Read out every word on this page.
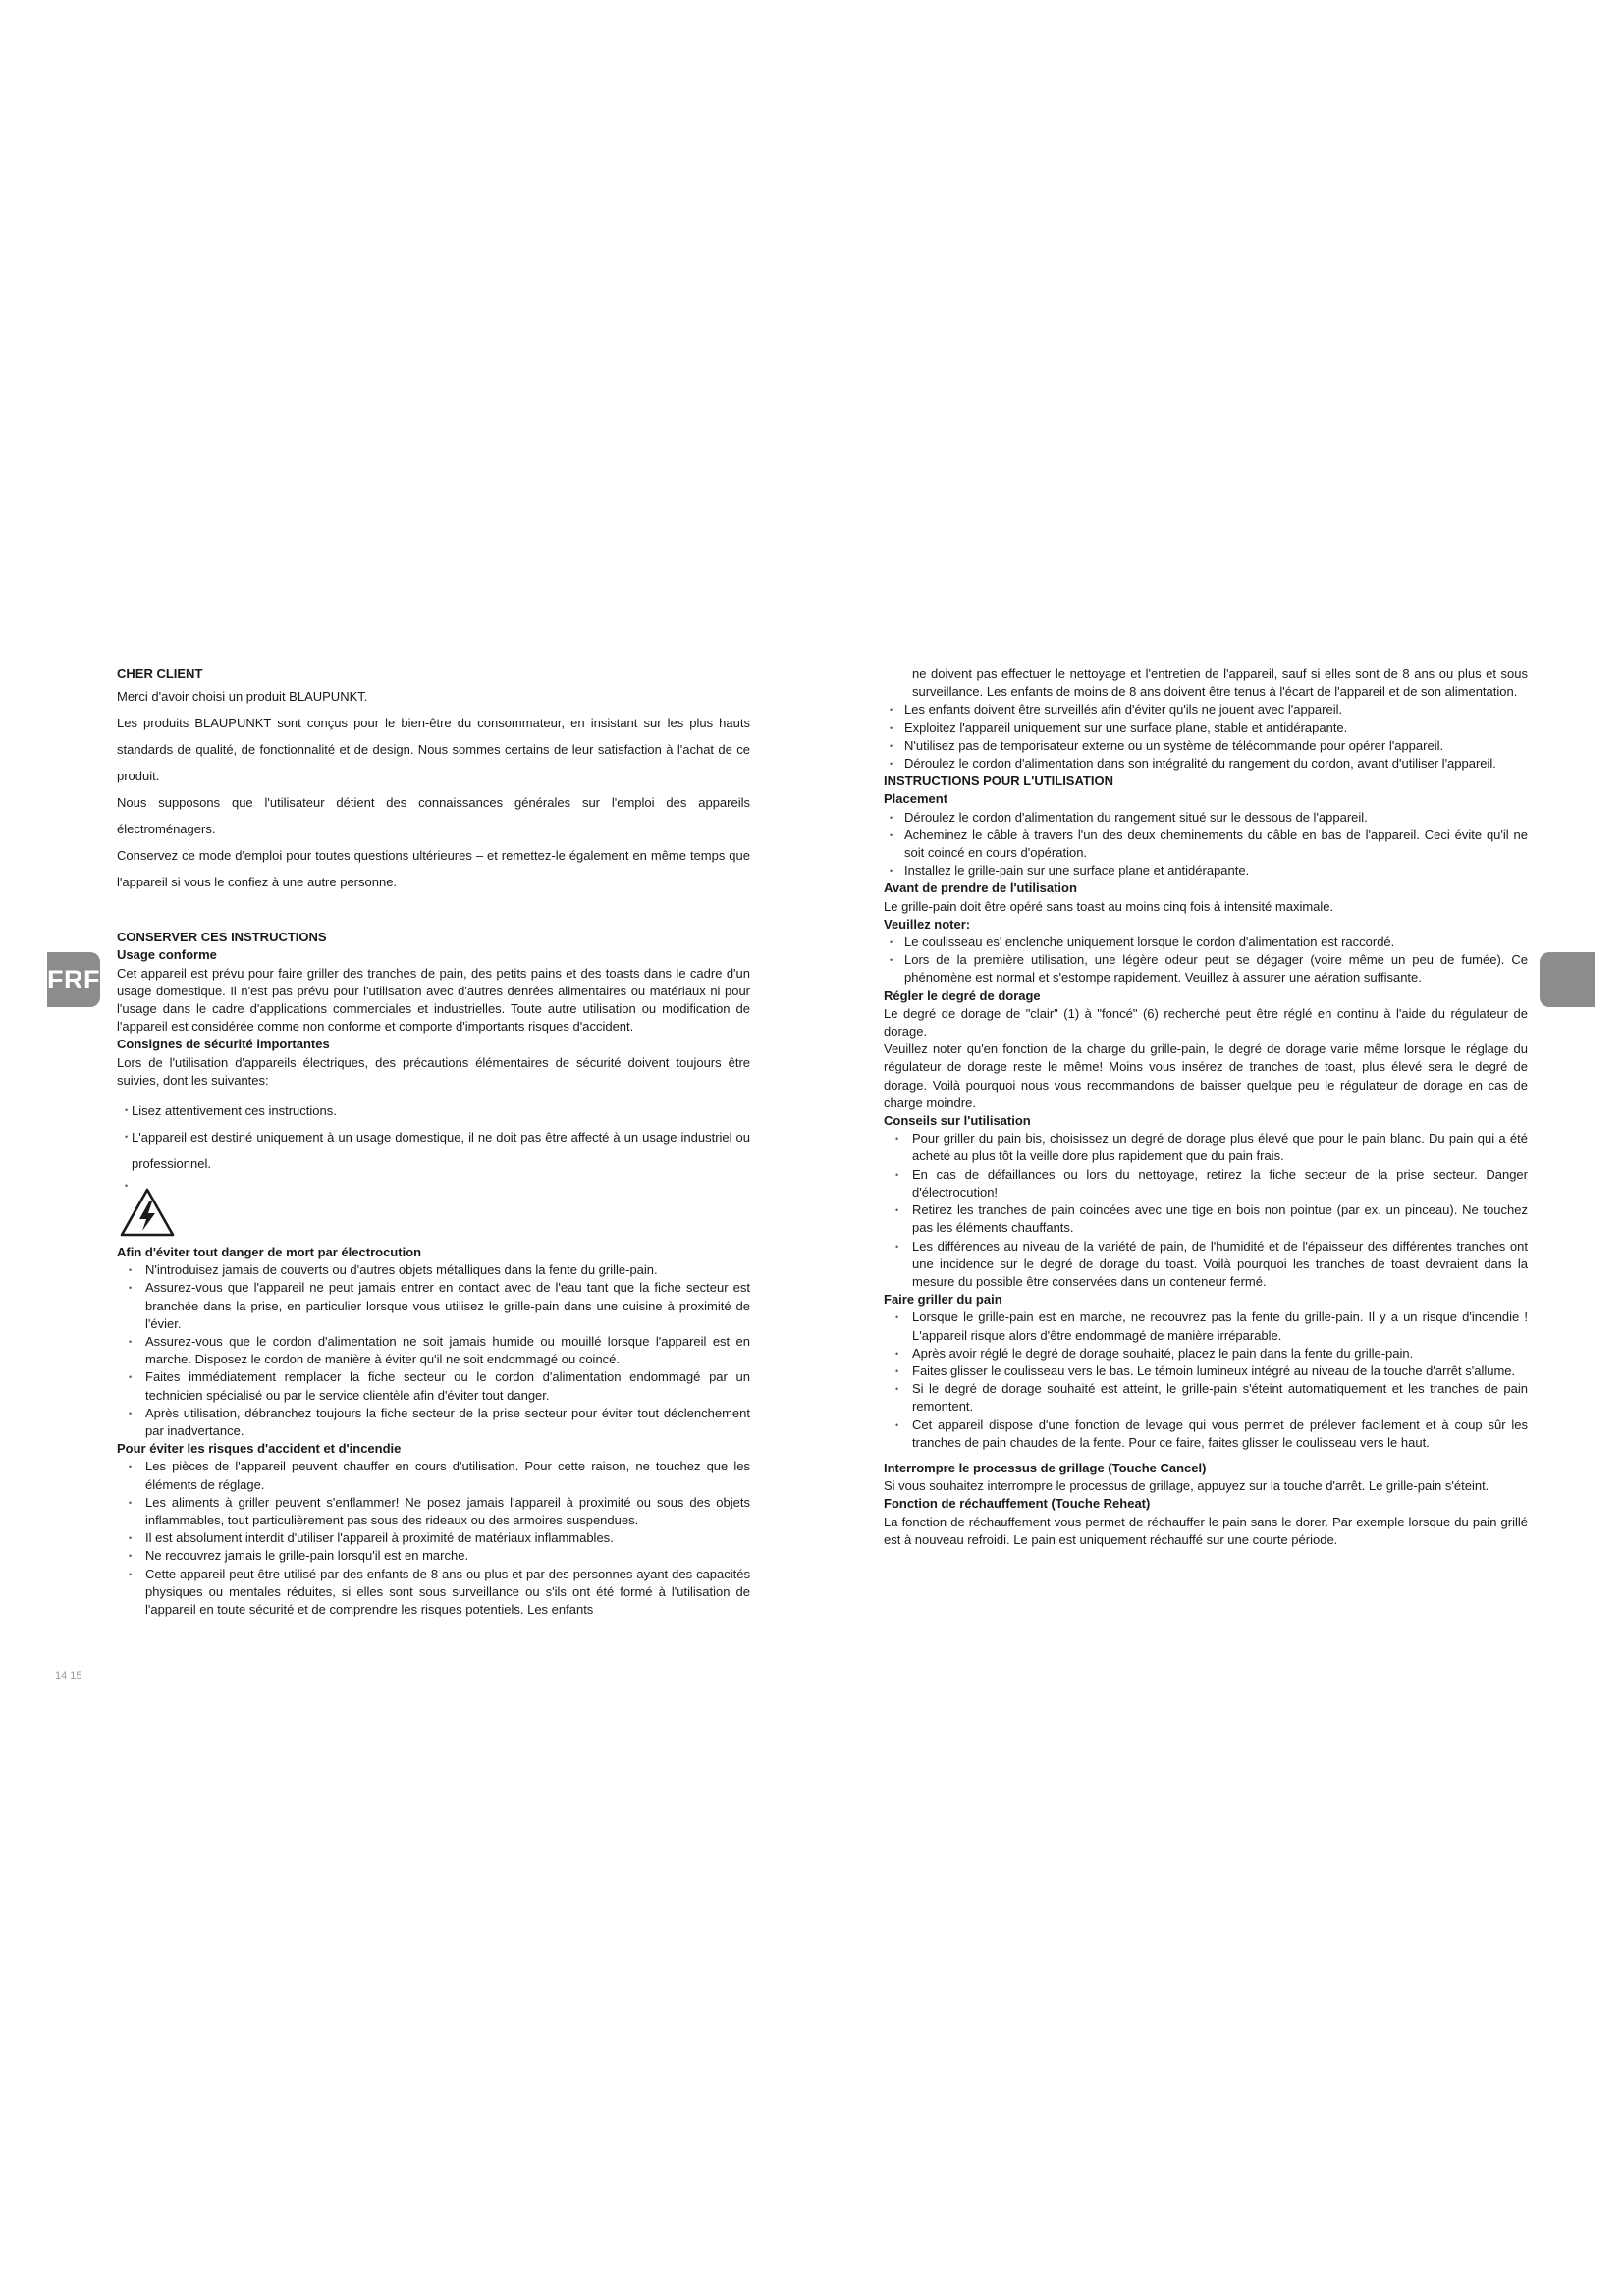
FRF

CHER CLIENT

Merci d'avoir choisi un produit BLAUPUNKT.

Les produits BLAUPUNKT sont conçus pour le bien-être du consommateur, en insistant sur les plus hauts standards de qualité, de fonctionnalité et de design. Nous sommes certains de leur satisfaction à l'achat de ce produit.

Nous supposons que l'utilisateur détient des connaissances générales sur l'emploi des appareils électroménagers.

Conservez ce mode d'emploi pour toutes questions ultérieures – et remettez-le également en même temps que l'appareil si vous le confiez à une autre personne.

CONSERVER CES INSTRUCTIONS

Usage conforme

Cet appareil est prévu pour faire griller des tranches de pain, des petits pains et des toasts dans le cadre d'un usage domestique. Il n'est pas prévu pour l'utilisation avec d'autres denrées alimentaires ou matériaux ni pour l'usage dans le cadre d'applications commerciales et industrielles. Toute autre utilisation ou modification de l'appareil est considérée comme non conforme et comporte d'importants risques d'accident.

Consignes de sécurité importantes

Lors de l'utilisation d'appareils électriques, des précautions élémentaires de sécurité doivent toujours être suivies, dont les suivantes:

• Lisez attentivement ces instructions.
• L'appareil est destiné uniquement à un usage domestique, il ne doit pas être affecté à un usage industriel ou professionnel.
•

Afin d'éviter tout danger de mort par électrocution

• N'introduisez jamais de couverts ou d'autres objets métalliques dans la fente du grille-pain.
• Assurez-vous que l'appareil ne peut jamais entrer en contact avec de l'eau tant que la fiche secteur est branchée dans la prise, en particulier lorsque vous utilisez le grille-pain dans une cuisine à proximité de l'évier.
• Assurez-vous que le cordon d'alimentation ne soit jamais humide ou mouillé lorsque l'appareil est en marche. Disposez le cordon de manière à éviter qu'il ne soit endommagé ou coincé.
• Faites immédiatement remplacer la fiche secteur ou le cordon d'alimentation endommagé par un technicien spécialisé ou par le service clientèle afin d'éviter tout danger.
• Après utilisation, débranchez toujours la fiche secteur de la prise secteur pour éviter tout déclenchement par inadvertance.

Pour éviter les risques d'accident et d'incendie

• Les pièces de l'appareil peuvent chauffer en cours d'utilisation. Pour cette raison, ne touchez que les éléments de réglage.
• Les aliments à griller peuvent s'enflammer! Ne posez jamais l'appareil à proximité ou sous des objets inflammables, tout particulièrement pas sous des rideaux ou des armoires suspendues.
• Il est absolument interdit d'utiliser l'appareil à proximité de matériaux inflammables.
• Ne recouvrez jamais le grille-pain lorsqu'il est en marche.
• Cette appareil peut être utilisé par des enfants de 8 ans ou plus et par des personnes ayant des capacités physiques ou mentales réduites, si elles sont sous surveillance ou s'ils ont été formé à l'utilisation de l'appareil en toute sécurité et de comprendre les risques potentiels. Les enfants

ne doivent pas effectuer le nettoyage et l'entretien de l'appareil, sauf si elles sont de 8 ans ou plus et sous surveillance. Les enfants de moins de 8 ans doivent être tenus à l'écart de l'appareil et de son alimentation.

• Les enfants doivent être surveillés afin d'éviter qu'ils ne jouent avec l'appareil.
• Exploitez l'appareil uniquement sur une surface plane, stable et antidérapante.
• N'utilisez pas de temporisateur externe ou un système de télécommande pour opérer l'appareil.
• Déroulez le cordon d'alimentation dans son intégralité du rangement du cordon, avant d'utiliser l'appareil.

INSTRUCTIONS POUR L'UTILISATION

Placement

• Déroulez le cordon d'alimentation du rangement situé sur le dessous de l'appareil.
• Acheminez le câble à travers l'un des deux cheminements du câble en bas de l'appareil. Ceci évite qu'il ne soit coincé en cours d'opération.
• Installez le grille-pain sur une surface plane et antidérapante.

Avant de prendre de l'utilisation

Le grille-pain doit être opéré sans toast au moins cinq fois à intensité maximale.

Veuillez noter:

• Le coulisseau es' enclenche uniquement lorsque le cordon d'alimentation est raccordé.
• Lors de la première utilisation, une légère odeur peut se dégager (voire même un peu de fumée). Ce phénomène est normal et s'estompe rapidement. Veuillez à assurer une aération suffisante.

Régler le degré de dorage

Le degré de dorage de "clair" (1) à "foncé" (6) recherché peut être réglé en continu à l'aide du régulateur de dorage.

Veuillez noter qu'en fonction de la charge du grille-pain, le degré de dorage varie même lorsque le réglage du régulateur de dorage reste le même! Moins vous insérez de tranches de toast, plus élevé sera le degré de dorage. Voilà pourquoi nous vous recommandons de baisser quelque peu le régulateur de dorage en cas de charge moindre.

Conseils sur l'utilisation

• Pour griller du pain bis, choisissez un degré de dorage plus élevé que pour le pain blanc. Du pain qui a été acheté au plus tôt la veille dore plus rapidement que du pain frais.
• En cas de défaillances ou lors du nettoyage, retirez la fiche secteur de la prise secteur. Danger d'électrocution!
• Retirez les tranches de pain coincées avec une tige en bois non pointue (par ex. un pinceau). Ne touchez pas les éléments chauffants.
• Les différences au niveau de la variété de pain, de l'humidité et de l'épaisseur des différentes tranches ont une incidence sur le degré de dorage du toast. Voilà pourquoi les tranches de toast devraient dans la mesure du possible être conservées dans un conteneur fermé.

Faire griller du pain

• Lorsque le grille-pain est en marche, ne recouvrez pas la fente du grille-pain. Il y a un risque d'incendie ! L'appareil risque alors d'être endommagé de manière irréparable.
• Après avoir réglé le degré de dorage souhaité, placez le pain dans la fente du grille-pain.
• Faites glisser le coulisseau vers le bas. Le témoin lumineux intégré au niveau de la touche d'arrêt s'allume.
• Si le degré de dorage souhaité est atteint, le grille-pain s'éteint automatiquement et les tranches de pain remontent.
• Cet appareil dispose d'une fonction de levage qui vous permet de prélever facilement et à coup sûr les tranches de pain chaudes de la fente. Pour ce faire, faites glisser le coulisseau vers le haut.

Interrompre le processus de grillage (Touche Cancel)

Si vous souhaitez interrompre le processus de grillage, appuyez sur la touche d'arrêt. Le grille-pain s'éteint.

Fonction de réchauffement (Touche Reheat)

La fonction de réchauffement vous permet de réchauffer le pain sans le dorer. Par exemple lorsque du pain grillé est à nouveau refroidi. Le pain est uniquement réchauffé sur une courte période.

14 15
